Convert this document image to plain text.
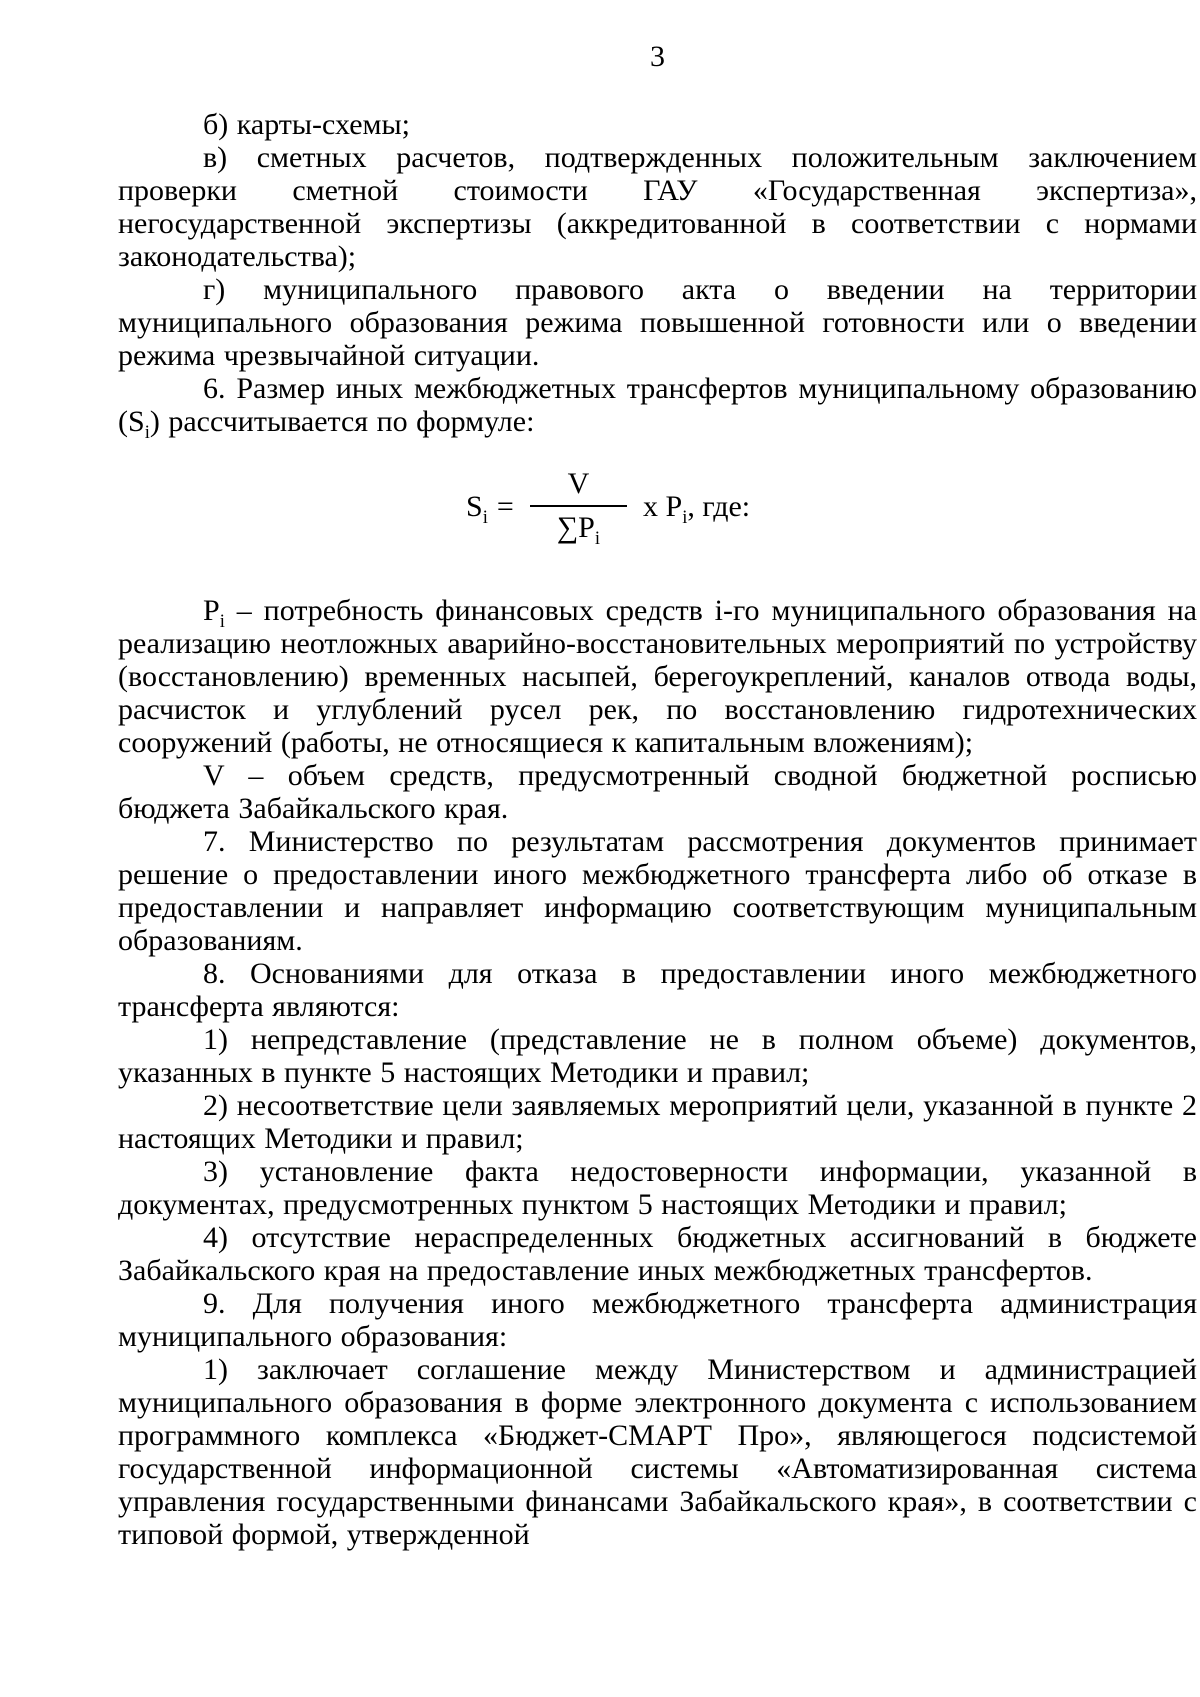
3

б) карты-схемы;

в) сметных расчетов, подтвержденных положительным заключением проверки сметной стоимости ГАУ «Государственная экспертиза», негосударственной экспертизы (аккредитованной в соответствии с нормами законодательства);

г) муниципального правового акта о введении на территории муниципального образования режима повышенной готовности или о введении режима чрезвычайной ситуации.

6. Размер иных межбюджетных трансфертов муниципальному образованию $(S_i)$ рассчитывается по формуле:

$S_i = \frac{V}{\sum P_i}$ x $P_i$, где:

$Р_i$ – потребность финансовых средств i-го муниципального образования на реализацию неотложных аварийно-восстановительных мероприятий по устройству (восстановлению) временных насыпей, берегоукреплений, каналов отвода воды, расчисток и углублений русел рек, по восстановлению гидротехнических сооружений (работы, не относящиеся к капитальным вложениям);

V – объем средств, предусмотренный сводной бюджетной росписью бюджета Забайкальского края.

7. Министерство по результатам рассмотрения документов принимает решение о предоставлении иного межбюджетного трансферта либо об отказе в предоставлении и направляет информацию соответствующим муниципальным образованиям.

8. Основаниями для отказа в предоставлении иного межбюджетного трансферта являются:

1) непредставление (представление не в полном объеме) документов, указанных в пункте 5 настоящих Методики и правил;

2) несоответствие цели заявляемых мероприятий цели, указанной в пункте 2 настоящих Методики и правил;

3) установление факта недостоверности информации, указанной в документах, предусмотренных пунктом 5 настоящих Методики и правил;

4) отсутствие нераспределенных бюджетных ассигнований в бюджете Забайкальского края на предоставление иных межбюджетных трансфертов.

9. Для получения иного межбюджетного трансферта администрация муниципального образования:

1) заключает соглашение между Министерством и администрацией муниципального образования в форме электронного документа с использованием программного комплекса «Бюджет-СМАРТ Про», являющегося подсистемой государственной информационной системы «Автоматизированная система управления государственными финансами Забайкальского края», в соответствии с типовой формой, утвержденной
